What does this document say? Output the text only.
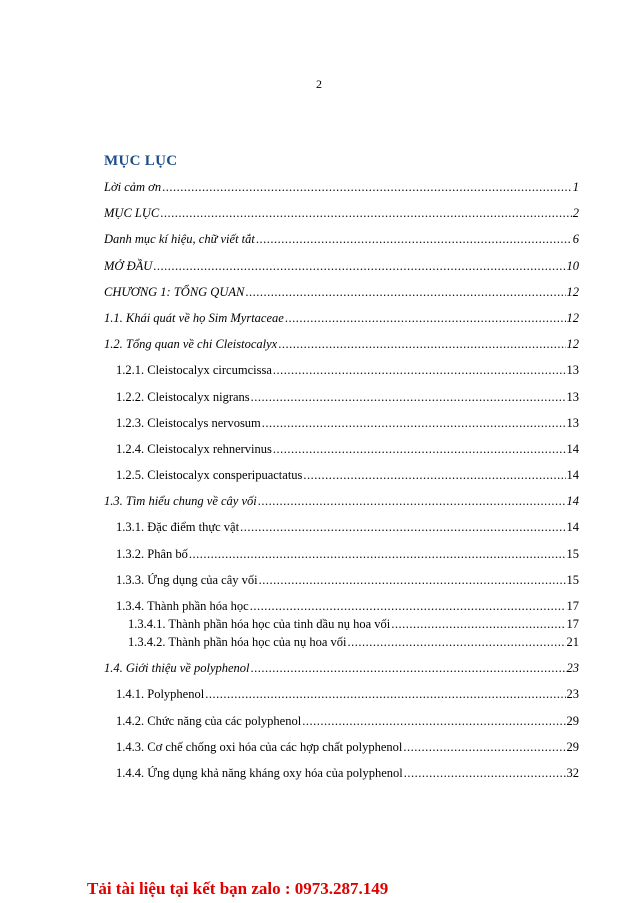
2
MỤC LỤC
Lời cảm ơn .....	1
MỤC LỤC .....	2
Danh mục kí hiệu, chữ viết tắt .....	6
MỞ ĐẦU .....	10
CHƯƠNG 1: TỔNG QUAN .....	12
1.1. Khái quát về họ Sim Myrtaceae .....	12
1.2. Tổng quan về chi Cleistocalyx .....	12
1.2.1. Cleistocalyx circumcissa .....	13
1.2.2. Cleistocalyx nigrans .....	13
1.2.3. Cleistocalys nervosum .....	13
1.2.4. Cleistocalyx rehnervinus .....	14
1.2.5. Cleistocalyx consperipuactatus .....	14
1.3. Tìm hiểu chung về cây vối .....	14
1.3.1. Đặc điểm thực vật .....	14
1.3.2. Phân bố .....	15
1.3.3. Ứng dụng của cây vối .....	15
1.3.4. Thành phần hóa học .....	17
1.3.4.1. Thành phần hóa học của tinh dầu nụ hoa vối .....	17
1.3.4.2. Thành phần hóa học của nụ hoa vối .....	21
1.4. Giới thiệu về polyphenol .....	23
1.4.1. Polyphenol .....	23
1.4.2. Chức năng của các polyphenol .....	29
1.4.3. Cơ chế chống oxi hóa của các hợp chất polyphenol .....	29
1.4.4. Ứng dụng khả năng kháng oxy hóa của polyphenol .....	32
Tải tài liệu tại kết bạn zalo : 0973.287.149
